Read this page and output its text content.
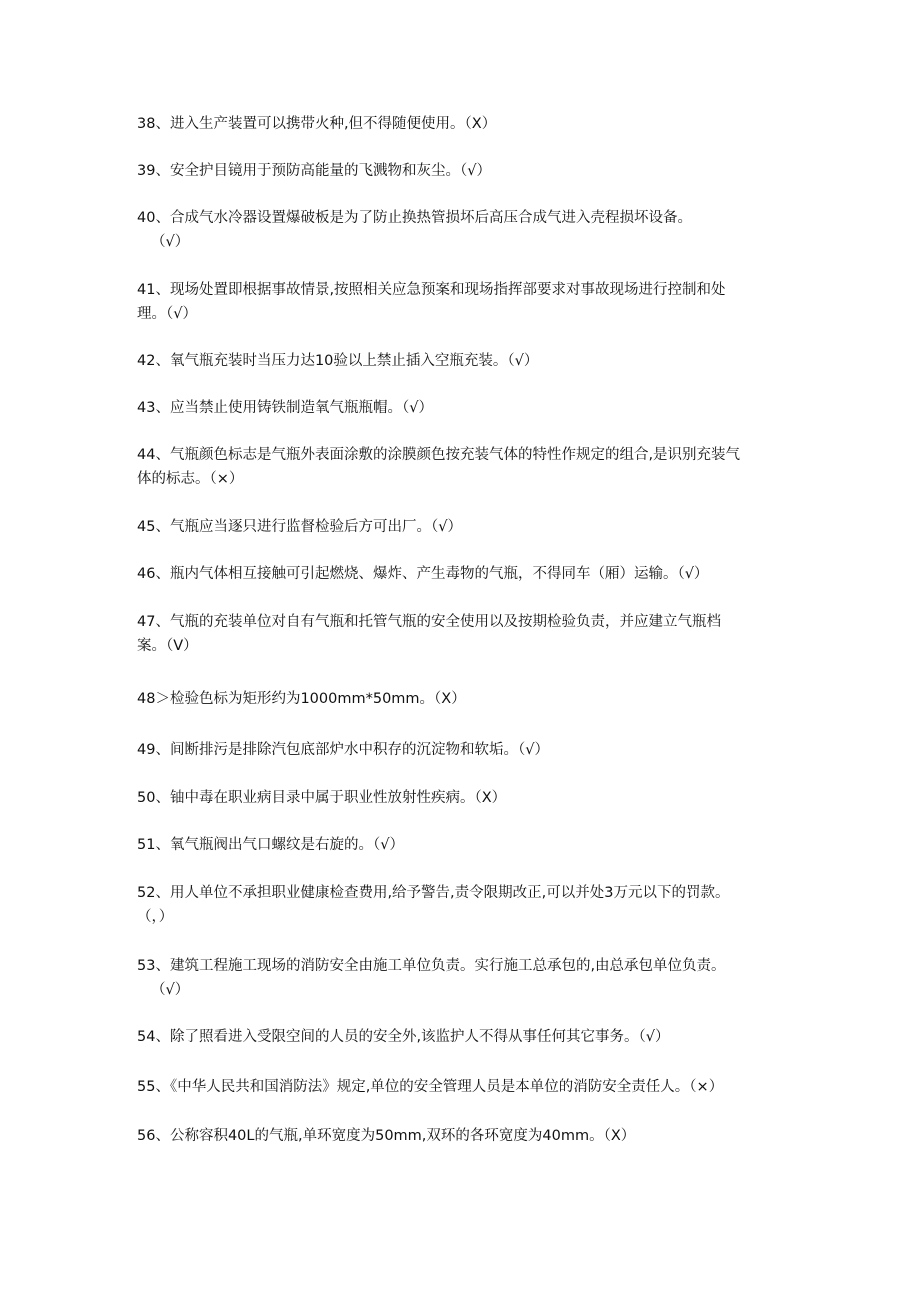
38、进入生产装置可以携带火种,但不得随便使用。（X）
39、安全护目镜用于预防高能量的飞溅物和灰尘。（√）
40、合成气水冷器设置爆破板是为了防止换热管损坏后高压合成气进入壳程损坏设备。
（√）
41、现场处置即根据事故情景,按照相关应急预案和现场指挥部要求对事故现场进行控制和处
理。（√）
42、氧气瓶充装时当压力达10验以上禁止插入空瓶充装。（√）
43、应当禁止使用铸铁制造氧气瓶瓶帽。（√）
44、气瓶颜色标志是气瓶外表面涂敷的涂膜颜色按充装气体的特性作规定的组合,是识别充装气
体的标志。（×）
45、气瓶应当逐只进行监督检验后方可出厂。（√）
46、瓶内气体相互接触可引起燃烧、爆炸、产生毒物的气瓶，不得同车（厢）运输。（√）
47、气瓶的充装单位对自有气瓶和托管气瓶的安全使用以及按期检验负责，并应建立气瓶档
案。（V）
48＞检验色标为矩形约为1000mm*50mm。（X）
49、间断排污是排除汽包底部炉水中积存的沉淀物和软垢。（√）
50、铀中毒在职业病目录中属于职业性放射性疾病。（X）
51、氧气瓶阀出气口螺纹是右旋的。（√）
52、用人单位不承担职业健康检查费用,给予警告,责令限期改正,可以并处3万元以下的罚款。
（，）
53、建筑工程施工现场的消防安全由施工单位负责。实行施工总承包的,由总承包单位负责。
（√）
54、除了照看进入受限空间的人员的安全外,该监护人不得从事任何其它事务。（√）
55、《中华人民共和国消防法》规定,单位的安全管理人员是本单位的消防安全责任人。（×）
56、公称容积40L的气瓶,单环宽度为50mm,双环的各环宽度为40mm。（X）
